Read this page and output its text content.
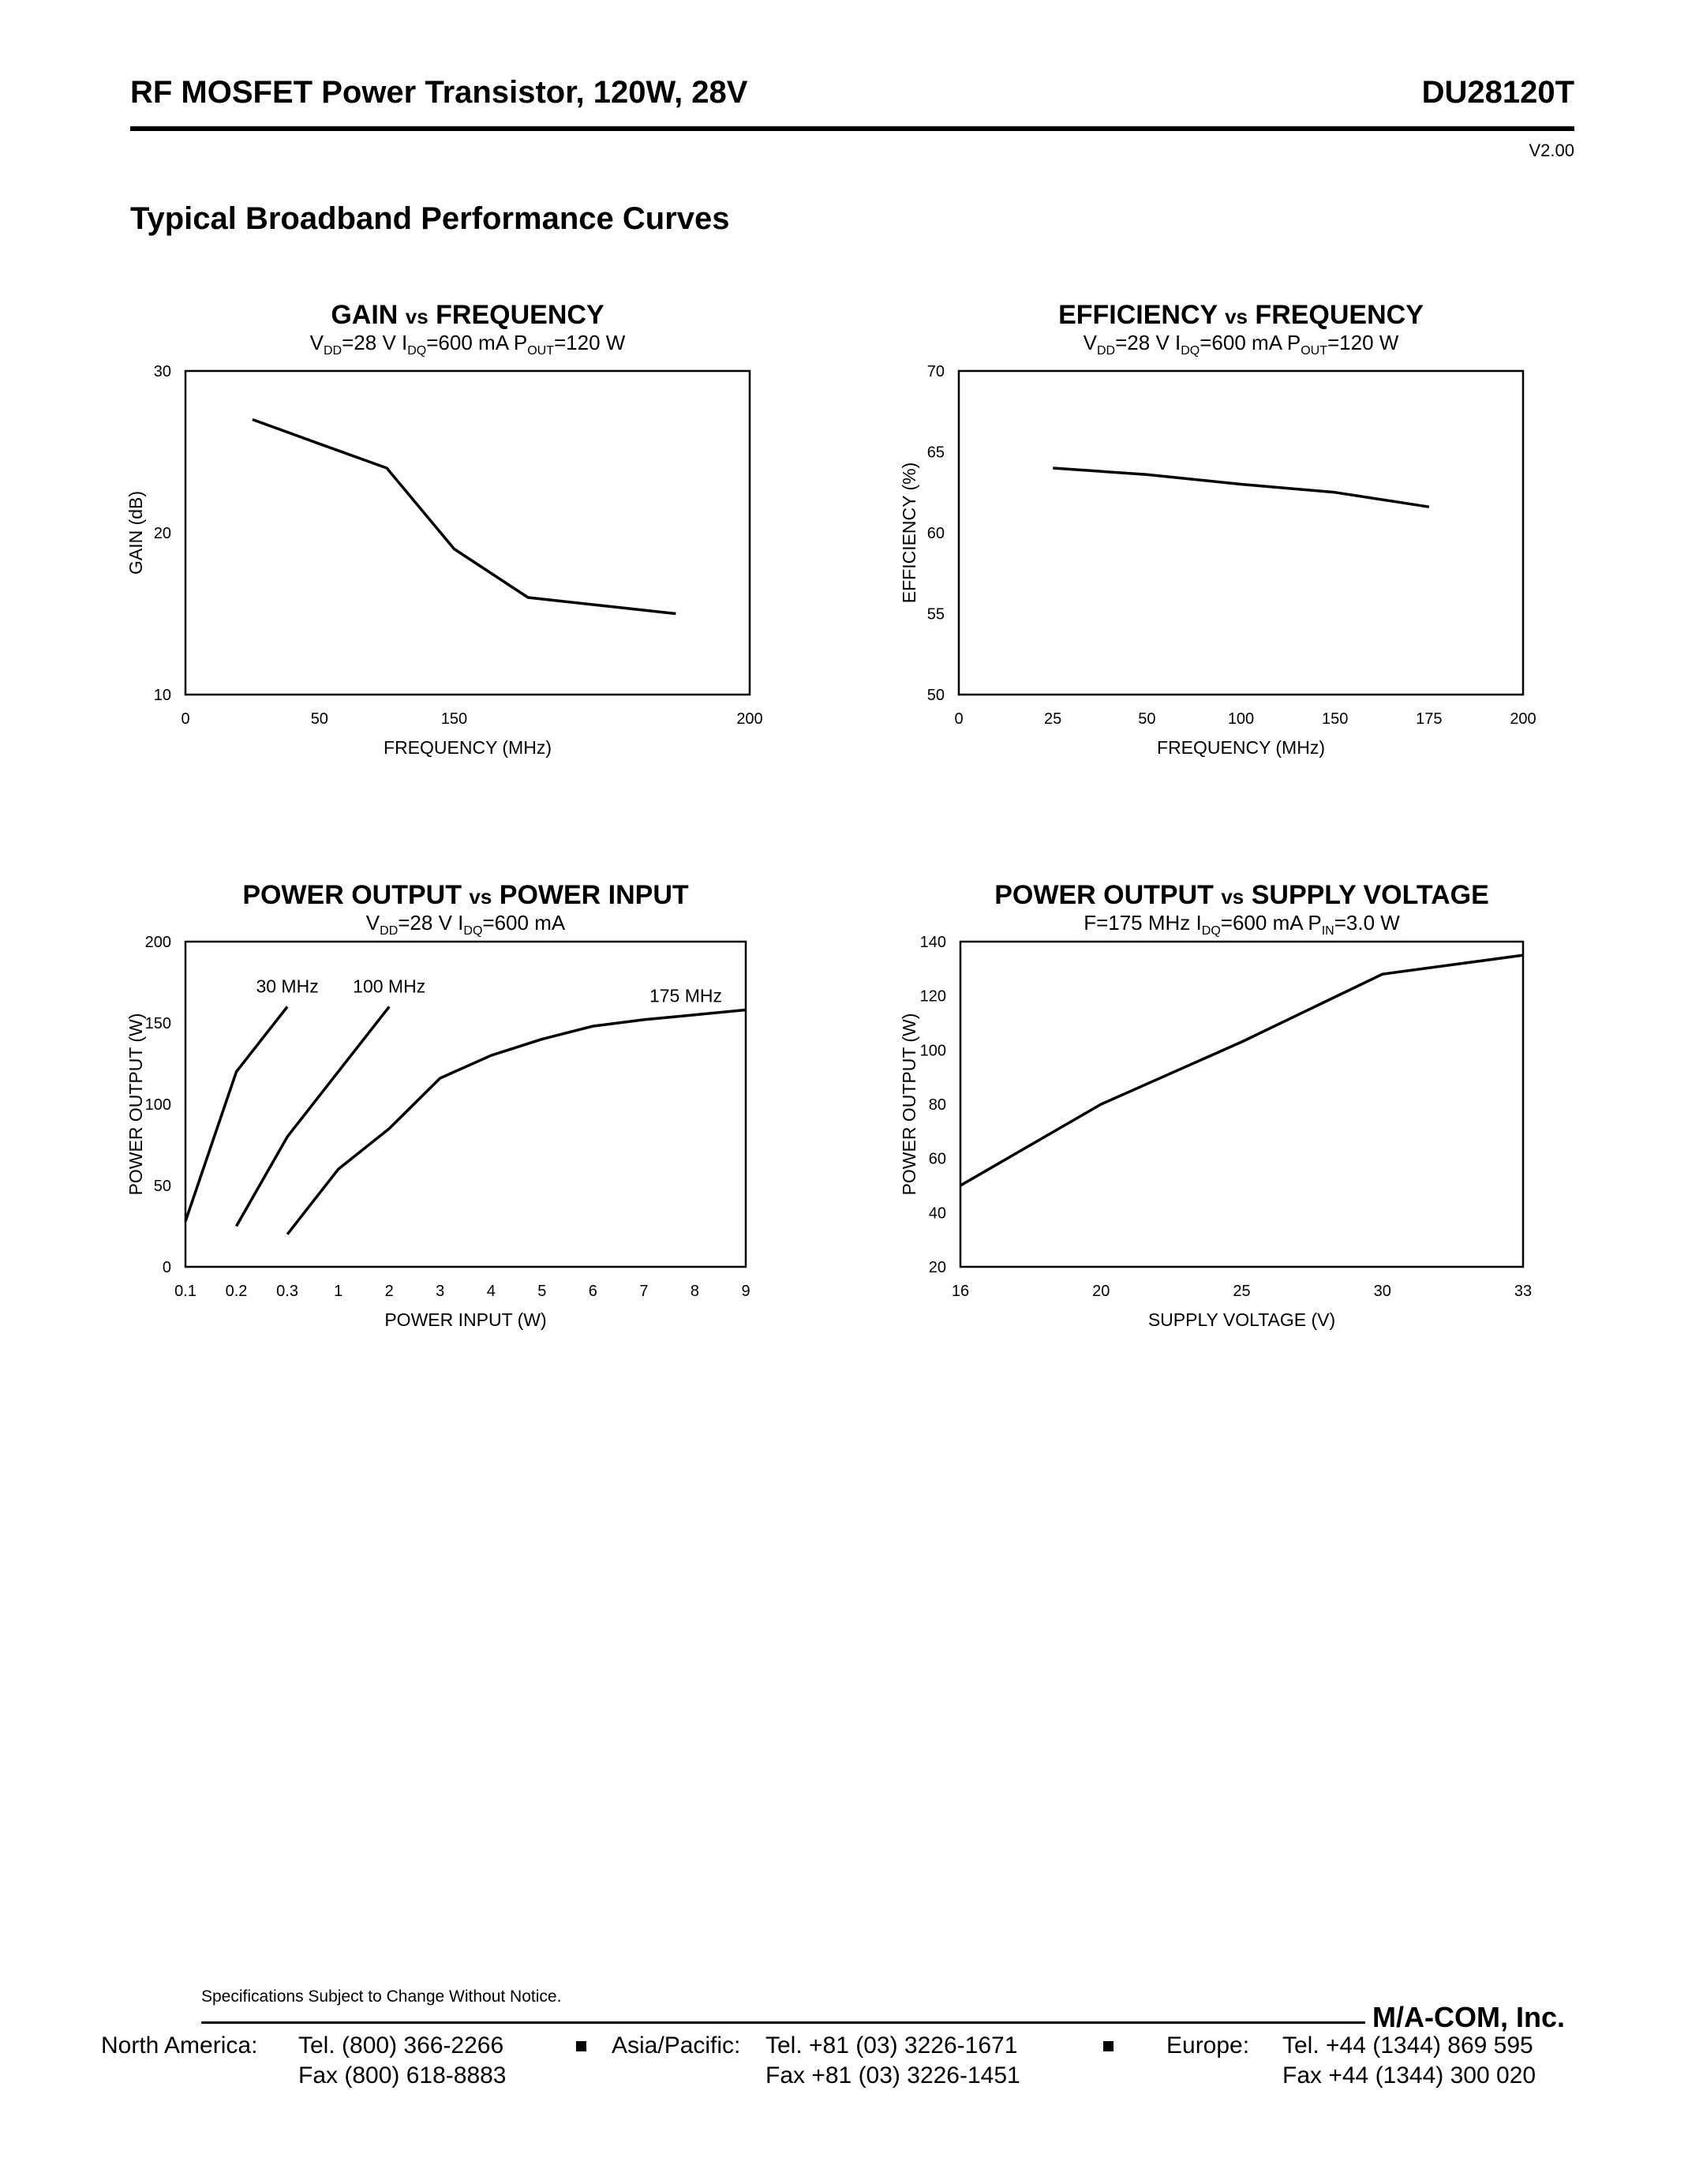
RF MOSFET Power Transistor, 120W, 28V	DU28120T
V2.00
Typical Broadband Performance Curves
GAIN vs FREQUENCY
$V_{DD}=28$ V $I_{DQ}=600$ mA $P_{OUT}=120$ W
10
20
30
0	50	150	200
FREQUENCY (MHz)
GAIN (dB)
EFFICIENCY vs FREQUENCY
$V_{DD}=28$ V $I_{DQ}=600$ mA $P_{OUT}=120$ W
50
55
60
65
70
0	25	50	100	150	175	200
FREQUENCY (MHz)
EFFICIENCY (%)
POWER OUTPUT vs POWER INPUT
$V_{DD}=28$ V $I_{DQ}=600$ mA
0
50
100
150
200
0.1 0.2 0.3 1	2	3	4	5	6	7	8	9
POWER INPUT (W)
POWER OUTPUT (W)
30 MHz 100 MHz	175 MHz
POWER OUTPUT vs SUPPLY VOLTAGE
F=175 MHz $I_{DQ}=600$ mA $P_{IN}=3.0$ W
20
40
60
80
100
120
140
16	20	25	30	33
SUPPLY VOLTAGE (V)
POWER OUTPUT (W)
Specifications Subject to Change Without Notice.
M/A-COM, Inc.
North America: Tel. (800) 366-2266
Fax (800) 618-8883
Asia/Pacific: Tel. +81 (03) 3226-1671
Fax +81 (03) 3226-1451
Europe: Tel. +44 (1344) 869 595
Fax +44 (1344) 300 020
